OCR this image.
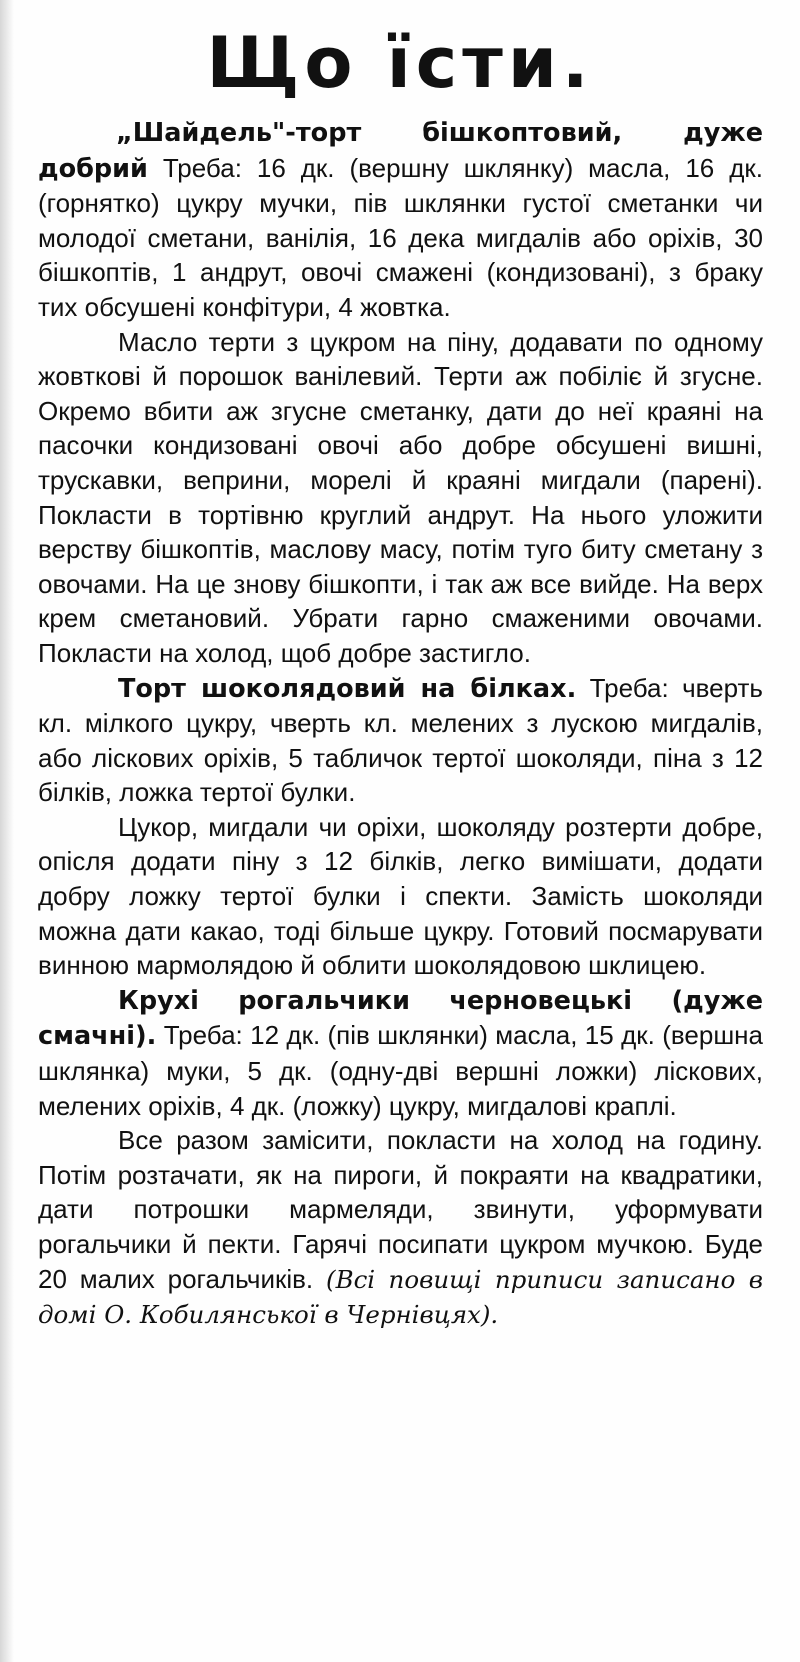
Що їсти.

„Шайдель"-торт бішкоптовий, дуже добрий Треба: 16 дк. (вершну шклянку) масла, 16 дк. (горнятко) цукру мучки, пів шклянки густої сметанки чи молодої сметани, ванілія, 16 дека мигдалів або оріхів, 30 бішкоптів, 1 андрут, овочі смажені (кондизовані), з браку тих обсушені конфітури, 4 жовтка.

Масло терти з цукром на піну, додавати по одному жовткові й порошок ванілевий. Терти аж побіліє й згусне. Окремо вбити аж згусне сметанку, дати до неї краяні на пасочки кондизовані овочі або добре обсушені вишні, трускавки, веприни, морелі й краяні мигдали (парені). Покласти в тортівню круглий андрут. На нього уложити верству бішкоптів, маслову масу, потім туго биту сметану з овочами. На це знову бішкопти, і так аж все вийде. На верх крем сметановий. Убрати гарно смаженими овочами. Покласти на холод, щоб добре застигло.

Торт шоколядовий на білках. Треба: чверть кл. мілкого цукру, чверть кл. мелених з лускою мигдалів, або ліскових оріхів, 5 табличок тертої шоколяди, піна з 12 білків, ложка тертої булки.

Цукор, мигдали чи оріхи, шоколяду розтерти добре, опісля додати піну з 12 білків, легко вимішати, додати добру ложку тертої булки і спекти. Замість шоколяди можна дати какао, тоді більше цукру. Готовий посмарувати винною мармолядою й облити шоколядовою шклицею.

Крухі рогальчики черновецькі (дуже смачні). Треба: 12 дк. (пів шклянки) масла, 15 дк. (вершна шклянка) муки, 5 дк. (одну-дві вершні ложки) ліскових, мелених оріхів, 4 дк. (ложку) цукру, мигдалові краплі.

Все разом замісити, покласти на холод на годину. Потім розтачати, як на пироги, й покраяти на квадратики, дати потрошки мармеляди, звинути, уформувати рогальчики й пекти. Гарячі посипати цукром мучкою. Буде 20 малих рогальчиків. (Всі повищі приписи записано в домі О. Кобилянської в Чернівцях).
